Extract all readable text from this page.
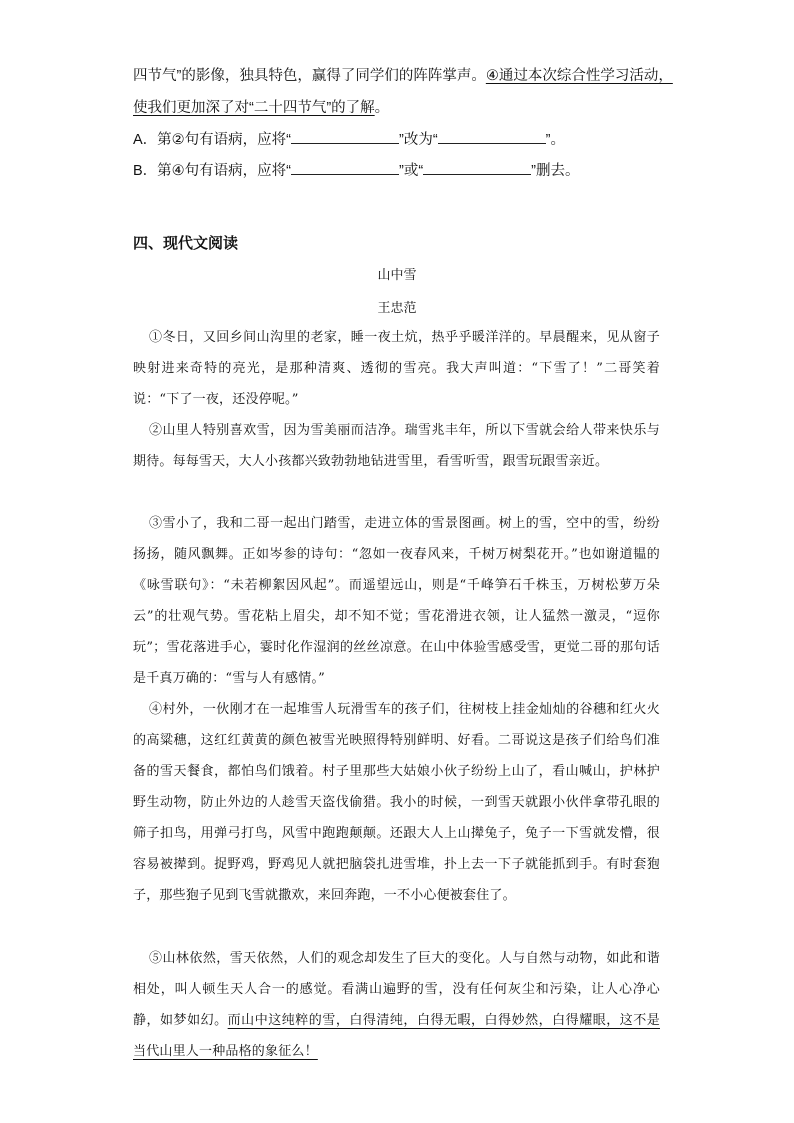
四节气”的影像，独具特色，赢得了同学们的阵阵掌声。④通过本次综合性学习活动，
使我们更加深了对“二十四节气”的了解。
A．第②句有语病，应将“	”改为“	”。
B．第④句有语病，应将“	”或“	”删去。
四、现代文阅读
山中雪
王忠范
①冬日，又回乡间山沟里的老家，睡一夜土炕，热乎乎暖洋洋的。早晨醒来，见从窗子映射进来奇特的亮光，是那种清爽、透彻的雪亮。我大声叫道：“下雪了！”二哥笑着说：“下了一夜，还没停呢。”
②山里人特别喜欢雪，因为雪美丽而洁净。瑞雪兆丰年，所以下雪就会给人带来快乐与期待。每每雪天，大人小孩都兴致勃勃地钻进雪里，看雪听雪，跟雪玩跟雪亲近。
③雪小了，我和二哥一起出门踏雪，走进立体的雪景图画。树上的雪，空中的雪，纷纷扬扬，随风飘舞。正如岑参的诗句：“忽如一夜春风来，千树万树梨花开。”也如谢道韫的《咏雪联句》：“未若柳絮因风起”。而遥望远山，则是“千峰笋石千株玉，万树松萝万朵云”的壮观气势。雪花粘上眉尖，却不知不觉；雪花滑进衣领，让人猛然一激灵，“逗你玩”；雪花落进手心，霎时化作湿润的丝丝凉意。在山中体验雪感受雪，更觉二哥的那句话是千真万确的：“雪与人有感情。”
④村外，一伙刚才在一起堆雪人玩滑雪车的孩子们，往树枝上挂金灿灿的谷穗和红火火的高粱穗，这红红黄黄的颜色被雪光映照得特别鲜明、好看。二哥说这是孩子们给鸟们准备的雪天餐食，都怕鸟们饿着。村子里那些大姑娘小伙子纷纷上山了，看山喊山，护林护野生动物，防止外边的人趁雪天盗伐偷猎。我小的时候，一到雪天就跟小伙伴拿带孔眼的筛子扣鸟，用弹弓打鸟，风雪中跑跑颠颠。还跟大人上山撵兔子，兔子一下雪就发懵，很容易被撵到。捉野鸡，野鸡见人就把脑袋扎进雪堆，扑上去一下子就能抓到手。有时套狍子，那些狍子见到飞雪就撒欢，来回奔跑，一不小心便被套住了。
⑤山林依然，雪天依然，人们的观念却发生了巨大的变化。人与自然与动物，如此和谐相处，叫人顿生天人合一的感觉。看满山遍野的雪，没有任何灰尘和污染，让人心净心静，如梦如幻。而山中这纯粹的雪，白得清纯，白得无暇，白得妙然，白得耀眼，这不是当代山里人一种品格的象征么！
